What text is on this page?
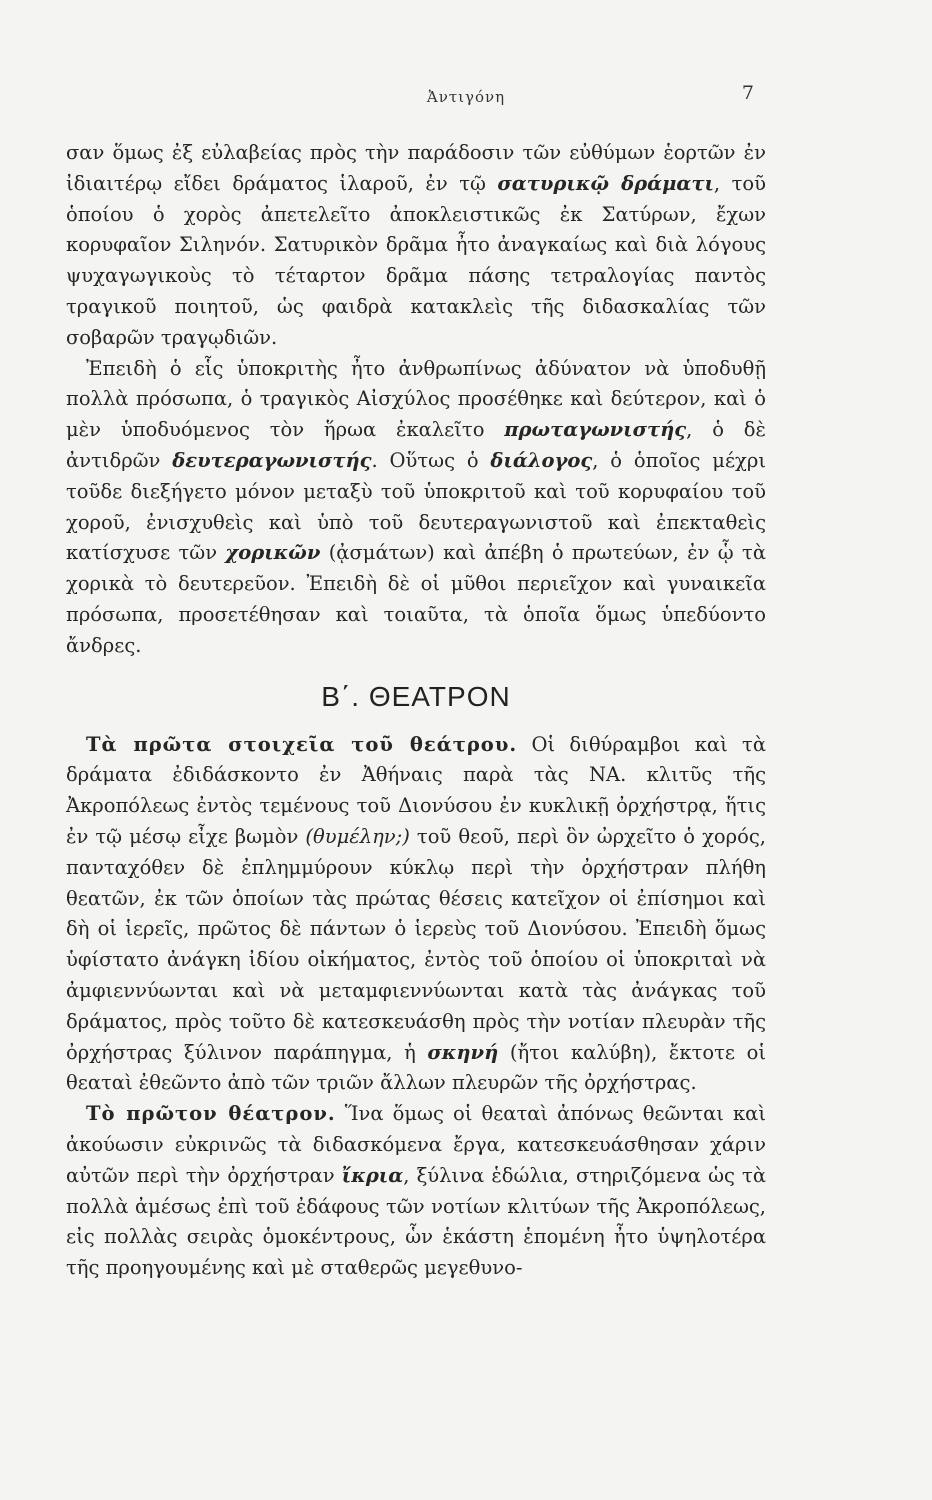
Ἀντιγόνη	7

σαν ὅμως ἐξ εὐλαβείας πρὸς τὴν παράδοσιν τῶν εὐθύμων ἑορτῶν ἐν ἰδιαιτέρῳ εἴδει δράματος ἱλαροῦ, ἐν τῷ σατυρικῷ δράματι, τοῦ ὁποίου ὁ χορὸς ἀπετελεῖτο ἀποκλειστικῶς ἐκ Σατύρων, ἔχων κορυφαῖον Σιληνόν. Σατυρικὸν δρᾶμα ἦτο ἀναγκαίως καὶ διὰ λόγους ψυχαγωγικοὺς τὸ τέταρτον δρᾶμα πάσης τετραλογίας παντὸς τραγικοῦ ποιητοῦ, ὡς φαιδρὰ κατακλεὶς τῆς διδασκαλίας τῶν σοβαρῶν τραγῳδιῶν.

Ἐπειδὴ ὁ εἷς ὑποκριτὴς ἦτο ἀνθρωπίνως ἀδύνατον νὰ ὑποδυθῇ πολλὰ πρόσωπα, ὁ τραγικὸς Αἰσχύλος προσέθηκε καὶ δεύτερον, καὶ ὁ μὲν ὑποδυόμενος τὸν ἥρωα ἐκαλεῖτο πρωταγωνιστής, ὁ δὲ ἀντιδρῶν δευτεραγωνιστής. Οὕτως ὁ διάλογος, ὁ ὁποῖος μέχρι τοῦδε διεξήγετο μόνον μεταξὺ τοῦ ὑποκριτοῦ καὶ τοῦ κορυφαίου τοῦ χοροῦ, ἐνισχυθεὶς καὶ ὑπὸ τοῦ δευτεραγωνιστοῦ καὶ ἐπεκταθεὶς κατίσχυσε τῶν χορικῶν (ᾀσμάτων) καὶ ἀπέβη ὁ πρωτεύων, ἐν ᾧ τὰ χορικὰ τὸ δευτερεῦον. Ἐπειδὴ δὲ οἱ μῦθοι περιεῖχον καὶ γυναικεῖα πρόσωπα, προσετέθησαν καὶ τοιαῦτα, τὰ ὁποῖα ὅμως ὑπεδύοντο ἄνδρες.

Β΄. ΘΕΑΤΡΟΝ

Τὰ πρῶτα στοιχεῖα τοῦ θεάτρου. Οἱ διθύραμβοι καὶ τὰ δράματα ἐδιδάσκοντο ἐν Ἀθήναις παρὰ τὰς ΝΑ. κλιτῦς τῆς Ἀκροπόλεως ἐντὸς τεμένους τοῦ Διονύσου ἐν κυκλικῇ ὀρχήστρᾳ, ἥτις ἐν τῷ μέσῳ εἶχε βωμὸν (θυμέλην;) τοῦ θεοῦ, περὶ ὃν ὠρχεῖτο ὁ χορός, πανταχόθεν δὲ ἐπλημμύρουν κύκλῳ περὶ τὴν ὀρχήστραν πλήθη θεατῶν, ἐκ τῶν ὁποίων τὰς πρώτας θέσεις κατεῖχον οἱ ἐπίσημοι καὶ δὴ οἱ ἱερεῖς, πρῶτος δὲ πάντων ὁ ἱερεὺς τοῦ Διονύσου. Ἐπειδὴ ὅμως ὑφίστατο ἀνάγκη ἰδίου οἰκήματος, ἐντὸς τοῦ ὁποίου οἱ ὑποκριταὶ νὰ ἀμφιεννύωνται καὶ νὰ μεταμφιεννύωνται κατὰ τὰς ἀνάγκας τοῦ δράματος, πρὸς τοῦτο δὲ κατεσκευάσθη πρὸς τὴν νοτίαν πλευρὰν τῆς ὀρχήστρας ξύλινον παράπηγμα, ἡ σκηνή (ἤτοι καλύβη), ἔκτοτε οἱ θεαταὶ ἐθεῶντο ἀπὸ τῶν τριῶν ἄλλων πλευρῶν τῆς ὀρχήστρας.

Τὸ πρῶτον θέατρον. Ἵνα ὅμως οἱ θεαταὶ ἀπόνως θεῶνται καὶ ἀκούωσιν εὐκρινῶς τὰ διδασκόμενα ἔργα, κατεσκευάσθησαν χάριν αὐτῶν περὶ τὴν ὀρχήστραν ἴκρια, ξύλινα ἑδώλια, στηριζόμενα ὡς τὰ πολλὰ ἀμέσως ἐπὶ τοῦ ἐδάφους τῶν νοτίων κλιτύων τῆς Ἀκροπόλεως, εἰς πολλὰς σειρὰς ὁμοκέντρους, ὧν ἑκάστη ἑπομένη ἦτο ὑψηλοτέρα τῆς προηγουμένης καὶ μὲ σταθερῶς μεγεθυνο-
